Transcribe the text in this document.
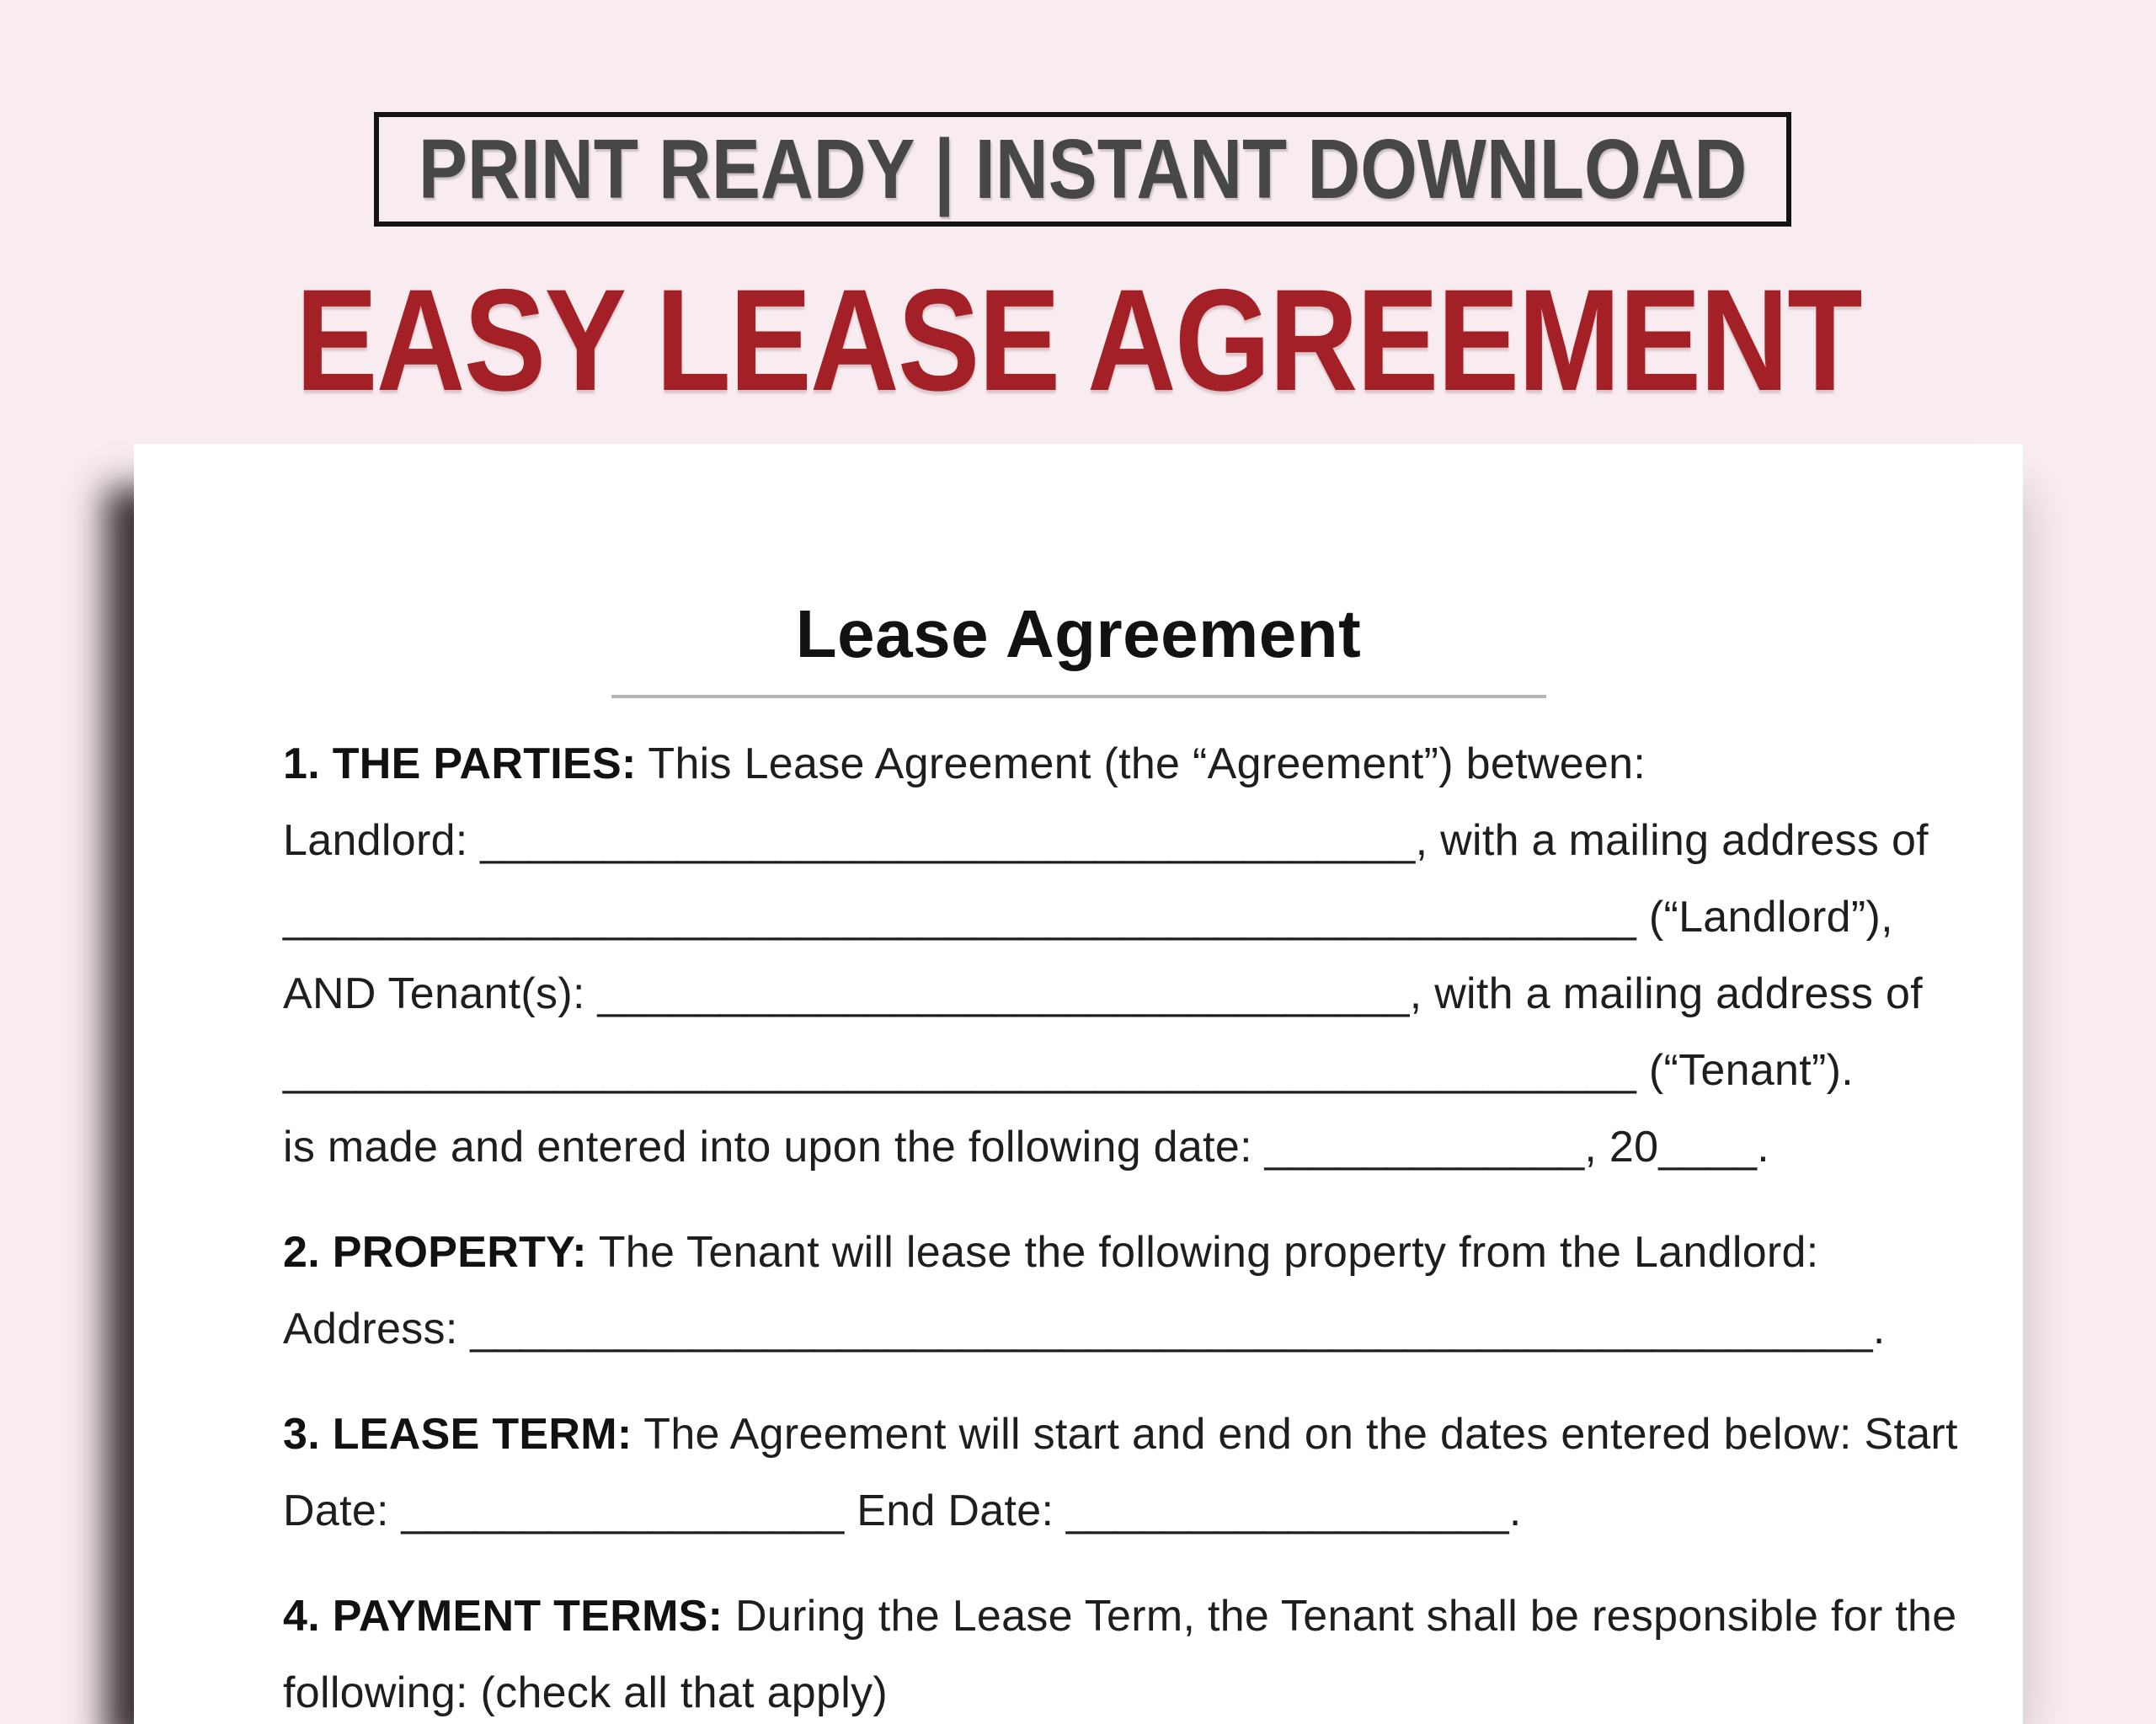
PRINT READY | INSTANT DOWNLOAD
EASY LEASE AGREEMENT
Lease Agreement
1. THE PARTIES: This Lease Agreement (the “Agreement”) between:
Landlord: ______________________________________, with a mailing address of
_______________________________________________________ (“Landlord”),
AND Tenant(s): _________________________________, with a mailing address of
_______________________________________________________ (“Tenant”).
is made and entered into upon the following date: _____________, 20____.
2. PROPERTY: The Tenant will lease the following property from the Landlord:
Address: _________________________________________________________.
3. LEASE TERM: The Agreement will start and end on the dates entered below: Start
Date: __________________ End Date: __________________.
4. PAYMENT TERMS: During the Lease Term, the Tenant shall be responsible for the
following: (check all that apply)
